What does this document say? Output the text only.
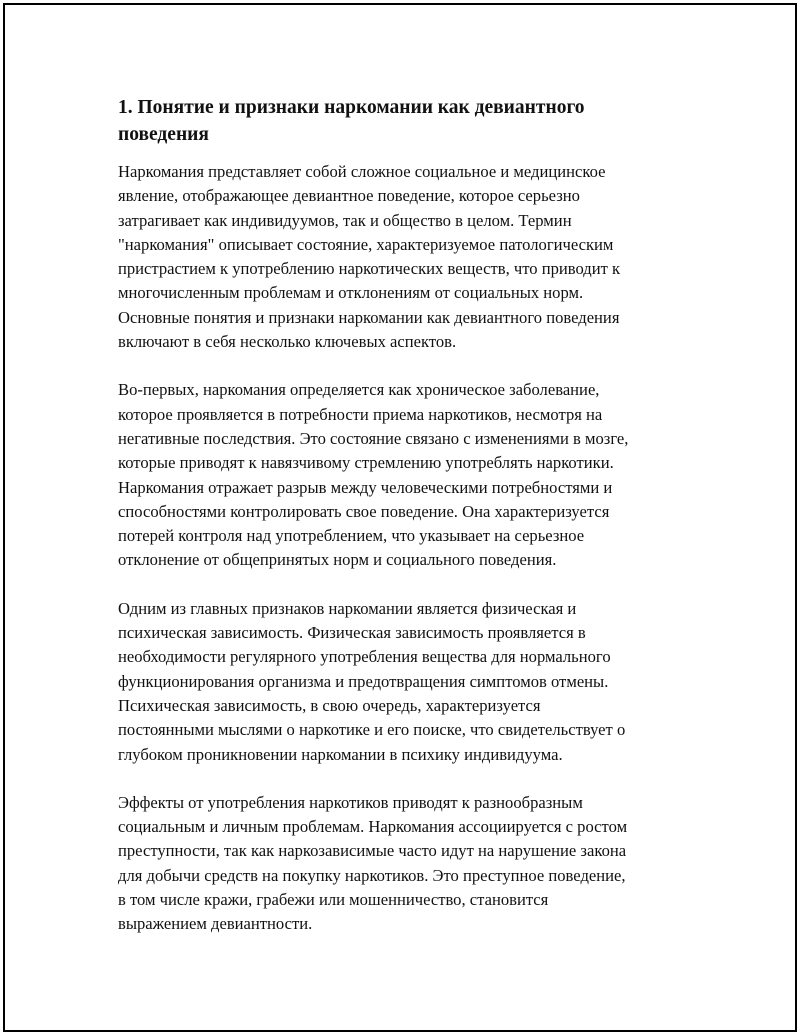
1. Понятие и признаки наркомании как девиантного
поведения

Наркомания представляет собой сложное социальное и медицинское
явление, отображающее девиантное поведение, которое серьезно
затрагивает как индивидуумов, так и общество в целом. Термин
"наркомания" описывает состояние, характеризуемое патологическим
пристрастием к употреблению наркотических веществ, что приводит к
многочисленным проблемам и отклонениям от социальных норм.
Основные понятия и признаки наркомании как девиантного поведения
включают в себя несколько ключевых аспектов.

Во-первых, наркомания определяется как хроническое заболевание,
которое проявляется в потребности приема наркотиков, несмотря на
негативные последствия. Это состояние связано с изменениями в мозге,
которые приводят к навязчивому стремлению употреблять наркотики.
Наркомания отражает разрыв между человеческими потребностями и
способностями контролировать свое поведение. Она характеризуется
потерей контроля над употреблением, что указывает на серьезное
отклонение от общепринятых норм и социального поведения.

Одним из главных признаков наркомании является физическая и
психическая зависимость. Физическая зависимость проявляется в
необходимости регулярного употребления вещества для нормального
функционирования организма и предотвращения симптомов отмены.
Психическая зависимость, в свою очередь, характеризуется
постоянными мыслями о наркотике и его поиске, что свидетельствует о
глубоком проникновении наркомании в психику индивидуума.

Эффекты от употребления наркотиков приводят к разнообразным
социальным и личным проблемам. Наркомания ассоциируется с ростом
преступности, так как наркозависимые часто идут на нарушение закона
для добычи средств на покупку наркотиков. Это преступное поведение,
в том числе кражи, грабежи или мошенничество, становится
выражением девиантности.
